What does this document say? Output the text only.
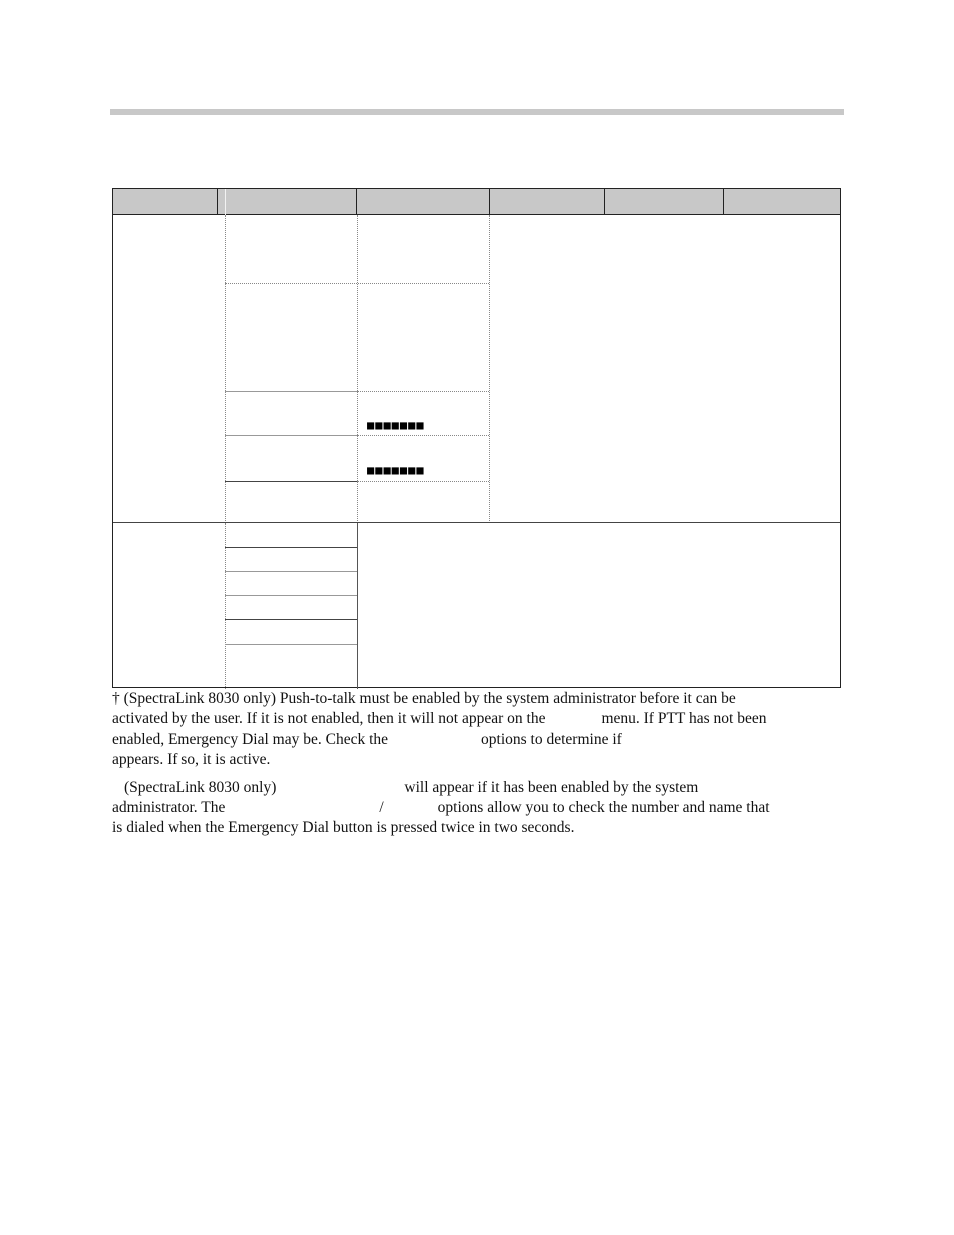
■■■■■■■
■■■■■■■
† (SpectraLink 8030 only) Push-to-talk must be enabled by the system administrator before it can be
activated by the user. If it is not enabled, then it will not appear on the	menu. If PTT has not been
enabled, Emergency Dial may be. Check the	options to determine if
appears. If so, it is active.
(SpectraLink 8030 only)	will appear if it has been enabled by the system
administrator. The	/	options allow you to check the number and name that
is dialed when the Emergency Dial button is pressed twice in two seconds.
